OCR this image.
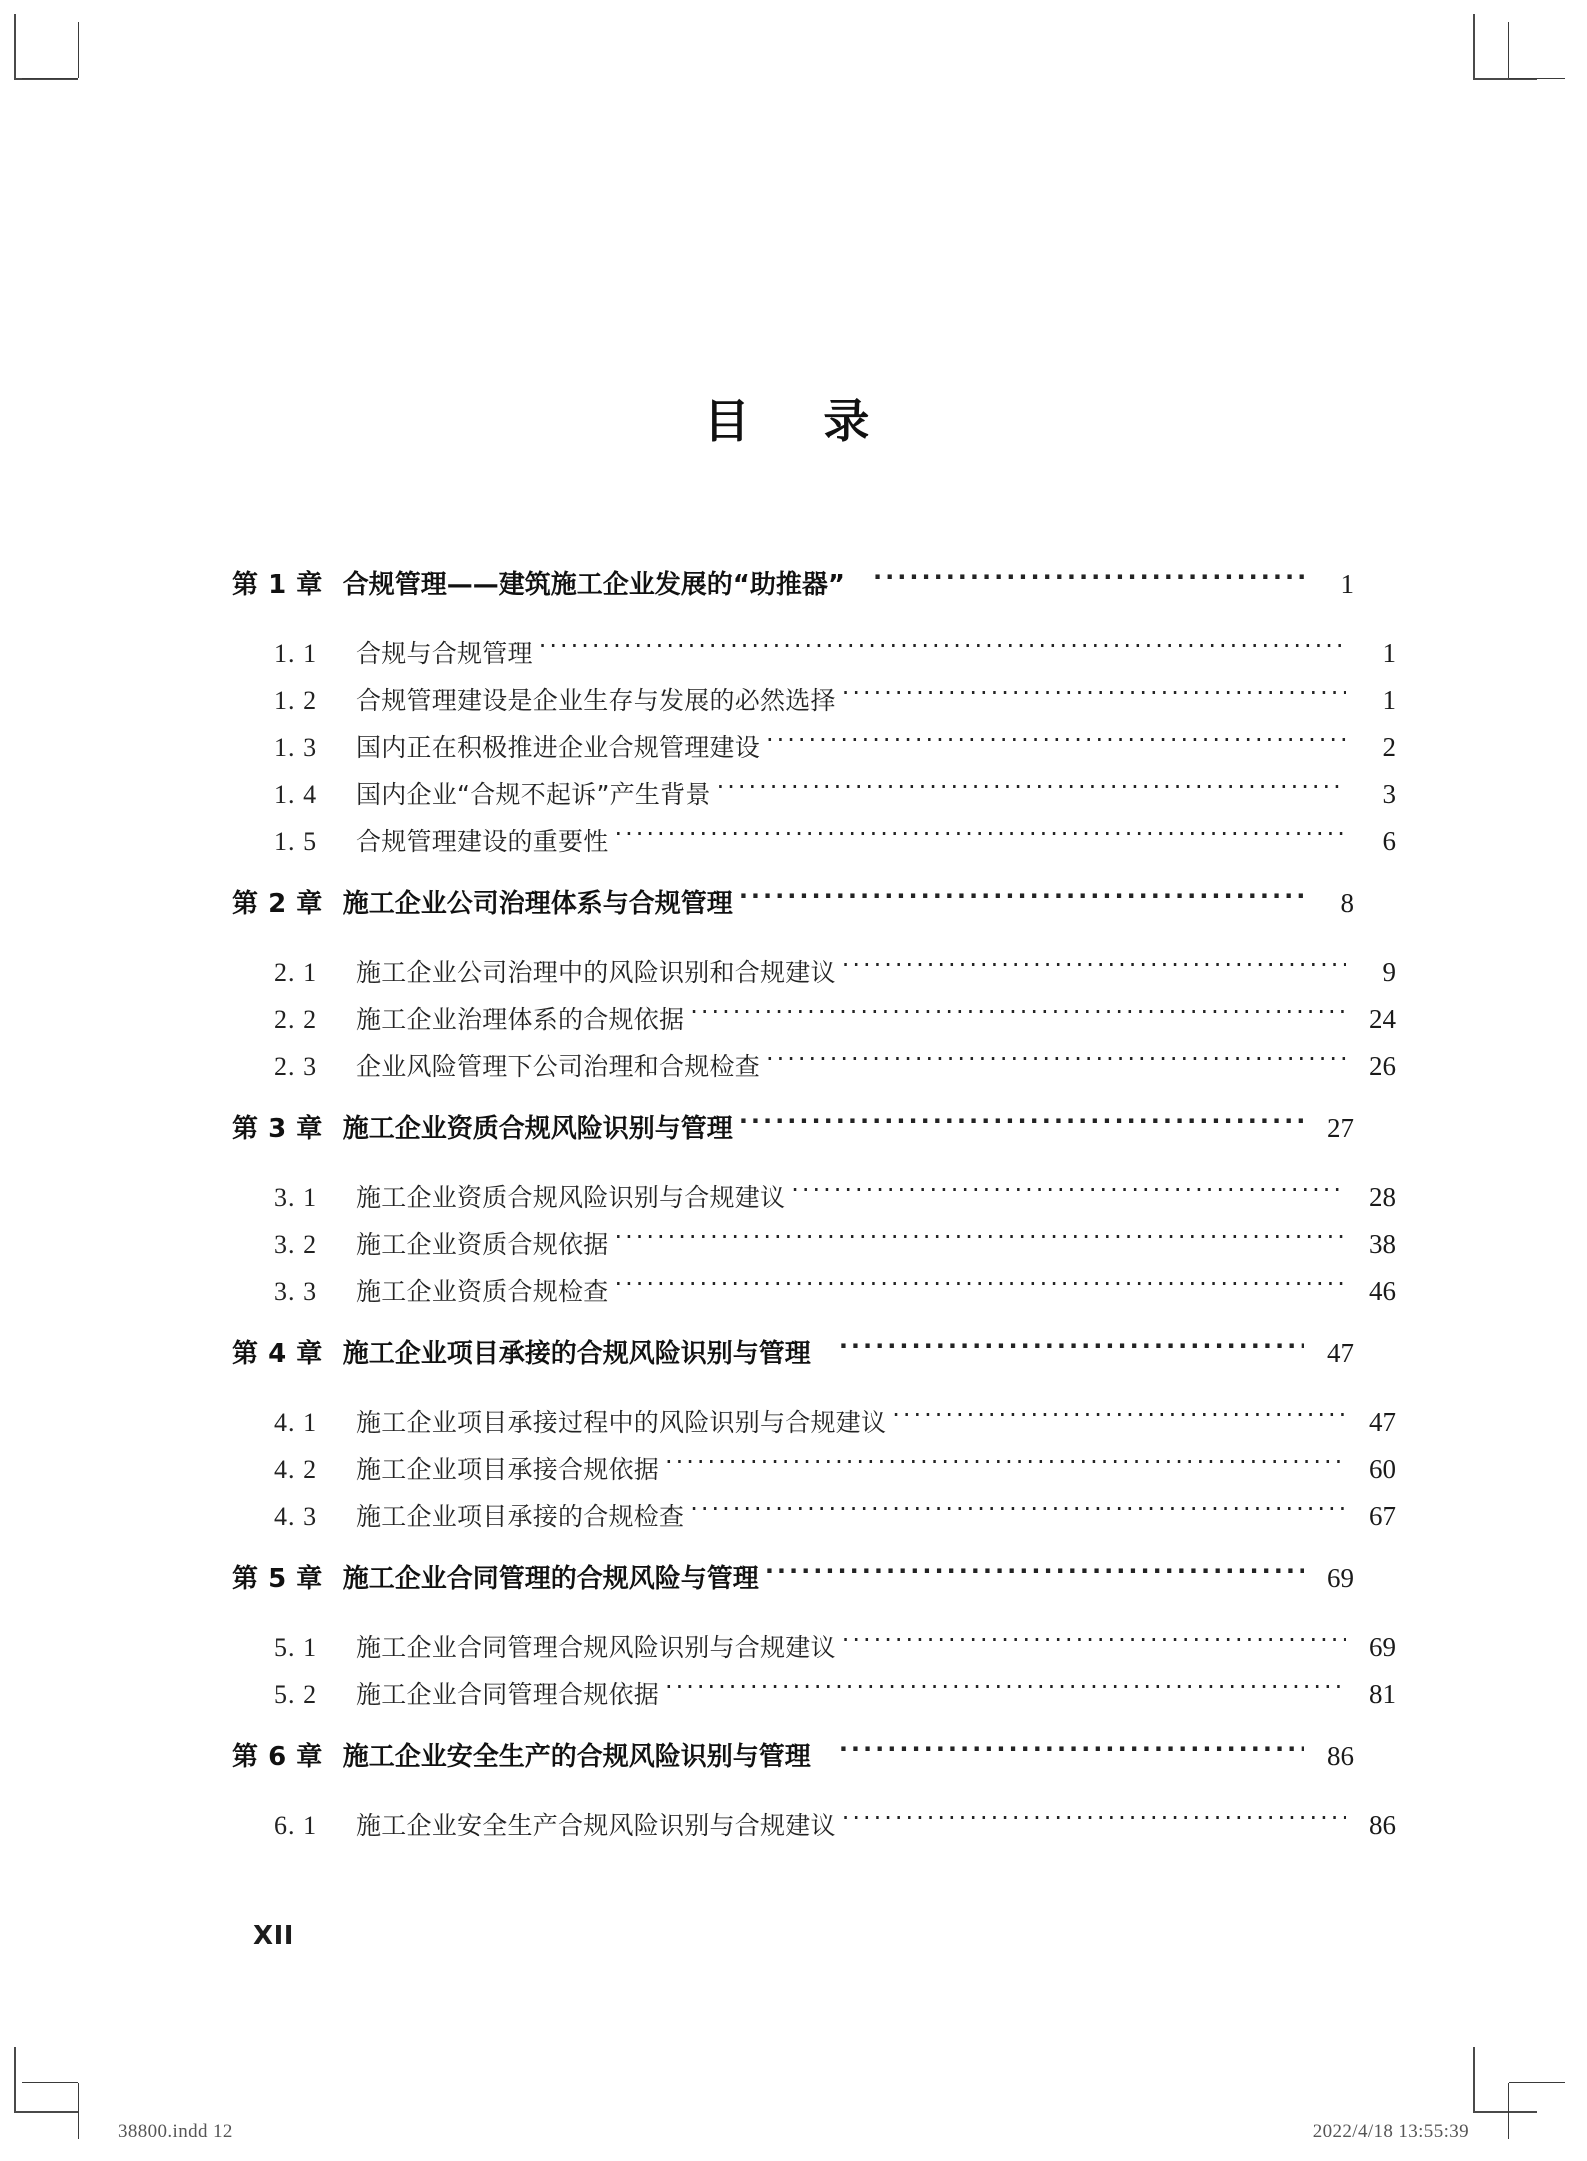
目　录
第 1 章 合规管理——建筑施工企业发展的“助推器” ·····	1
1. 1	合规与合规管理 ·····	1
1. 2	合规管理建设是企业生存与发展的必然选择 ·····	1
1. 3	国内正在积极推进企业合规管理建设 ·····	2
1. 4	国内企业“合规不起诉”产生背景 ·····	3
1. 5	合规管理建设的重要性 ·····	6
第 2 章 施工企业公司治理体系与合规管理 ·····	8
2. 1	施工企业公司治理中的风险识别和合规建议 ·····	9
2. 2	施工企业治理体系的合规依据 ·····	24
2. 3	企业风险管理下公司治理和合规检查 ·····	26
第 3 章 施工企业资质合规风险识别与管理 ·····	27
3. 1	施工企业资质合规风险识别与合规建议 ·····	28
3. 2	施工企业资质合规依据 ·····	38
3. 3	施工企业资质合规检查 ·····	46
第 4 章 施工企业项目承接的合规风险识别与管理 ·····	47
4. 1	施工企业项目承接过程中的风险识别与合规建议 ·····	47
4. 2	施工企业项目承接合规依据 ·····	60
4. 3	施工企业项目承接的合规检查 ·····	67
第 5 章 施工企业合同管理的合规风险与管理 ·····	69
5. 1	施工企业合同管理合规风险识别与合规建议 ·····	69
5. 2	施工企业合同管理合规依据 ·····	81
第 6 章 施工企业安全生产的合规风险识别与管理 ·····	86
6. 1	施工企业安全生产合规风险识别与合规建议 ·····	86
XII
38800.indd 12	2022/4/18 13:55:39
